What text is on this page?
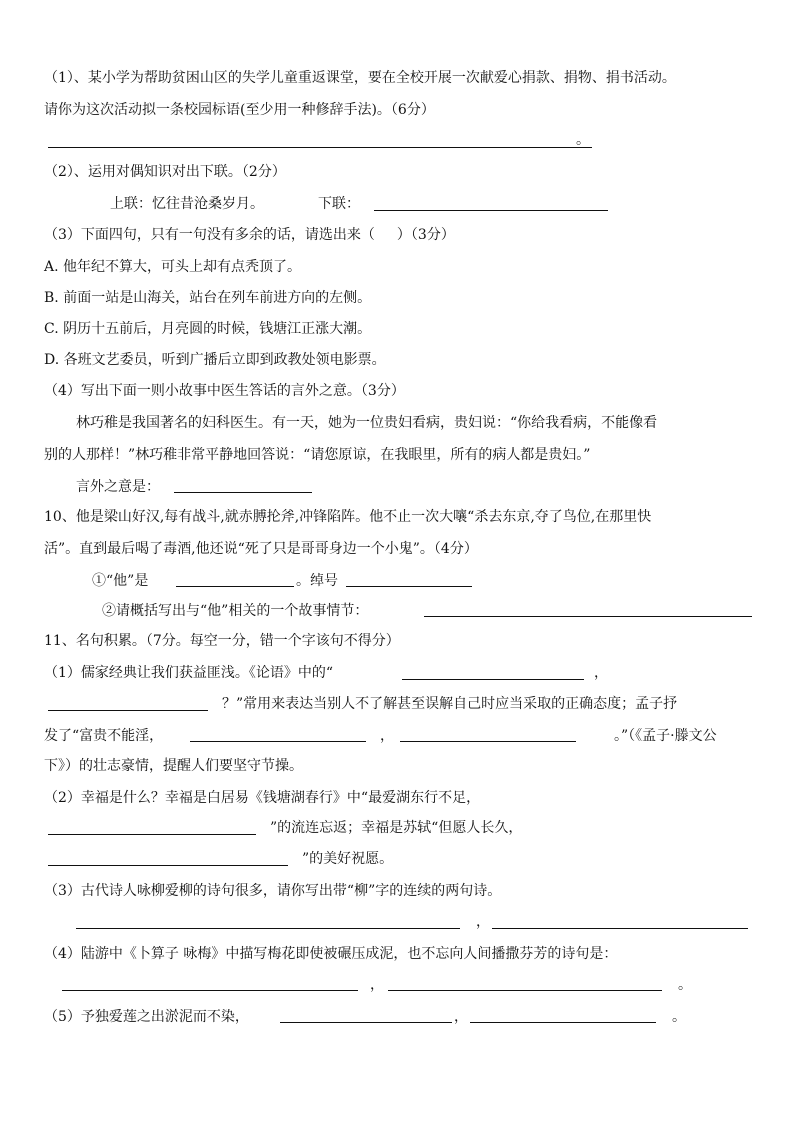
（1）、某小学为帮助贫困山区的失学儿童重返课堂，要在全校开展一次献爱心捐款、捐物、捐书活动。
请你为这次活动拟一条校园标语(至少用一种修辞手法)。（6分）
。
（2）、运用对偶知识对出下联。（2分）
上联：忆往昔沧桑岁月。	下联：
（3）下面四句，只有一句没有多余的话，请选出来（ ）（3分）
A. 他年纪不算大，可头上却有点秃顶了。
B. 前面一站是山海关，站台在列车前进方向的左侧。
C. 阴历十五前后，月亮圆的时候，钱塘江正涨大潮。
D. 各班文艺委员，听到广播后立即到政教处领电影票。
（4）写出下面一则小故事中医生答话的言外之意。（3分）
林巧稚是我国著名的妇科医生。有一天，她为一位贵妇看病，贵妇说：“你给我看病，不能像看
别的人那样！”林巧稚非常平静地回答说：“请您原谅，在我眼里，所有的病人都是贵妇。”
言外之意是：
10、他是梁山好汉,每有战斗,就赤膊抡斧,冲锋陷阵。他不止一次大嚷“杀去东京,夺了鸟位,在那里快
活”。直到最后喝了毒酒,他还说“死了只是哥哥身边一个小鬼”。（4分）
①“他”是	。绰号
②请概括写出与“他”相关的一个故事情节：
11、名句积累。（7分。每空一分，错一个字该句不得分）
（1）儒家经典让我们获益匪浅。《论语》中的“	，
？”常用来表达当别人不了解甚至误解自己时应当采取的正确态度；孟子抒
发了“富贵不能淫，	，	。”（《孟子·滕文公
下》）的壮志豪情，提醒人们要坚守节操。
（2）幸福是什么？幸福是白居易《钱塘湖春行》中“最爱湖东行不足，
”的流连忘返；幸福是苏轼“但愿人长久，
”的美好祝愿。
（3）古代诗人咏柳爱柳的诗句很多，请你写出带“柳”字的连续的两句诗。
，
（4）陆游中《卜算子 咏梅》中描写梅花即使被碾压成泥，也不忘向人间播撒芬芳的诗句是：
，	。
（5）予独爱莲之出淤泥而不染，	，	。
